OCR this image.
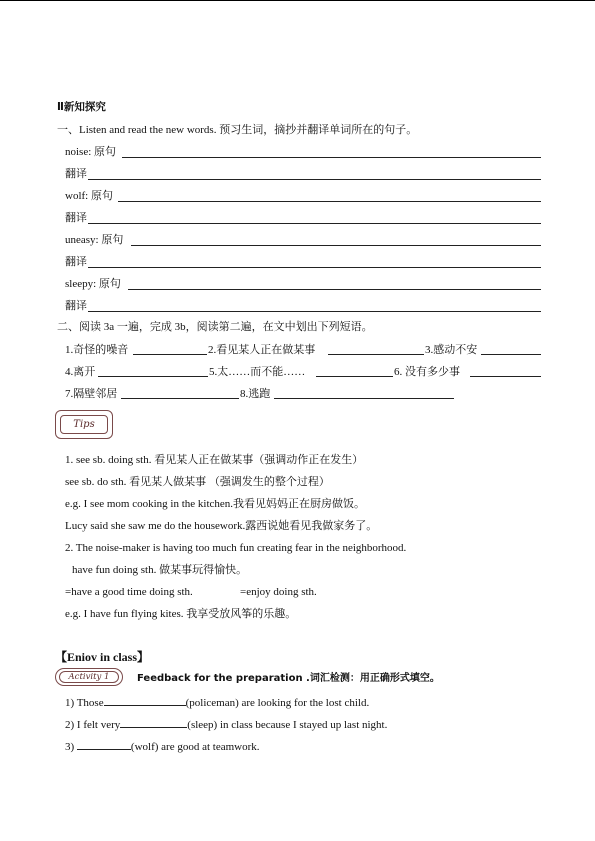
Ⅱ新知探究
一、Listen and read the new words. 预习生词，摘抄并翻译单词所在的句子。
noise: 原句
翻译
wolf: 原句
翻译
uneasy: 原句
翻译
sleepy: 原句
翻译
二、阅读 3a 一遍，完成 3b，阅读第二遍，在文中划出下列短语。
1.奇怪的噪音	2.看见某人正在做某事	3.感动不安
4.离开	5.太……而不能……	6. 没有多少事
7.隔壁邻居	8.逃跑
Tips
1. see sb. doing sth. 看见某人正在做某事（强调动作正在发生）
see sb. do sth. 看见某人做某事 （强调发生的整个过程）
e.g. I see mom cooking in the kitchen.我看见妈妈正在厨房做饭。
Lucy said she saw me do the housework.露西说她看见我做家务了。
2. The noise-maker is having too much fun creating fear in the neighborhood.
have fun doing sth. 做某事玩得愉快。
=have a good time doing sth.	=enjoy doing sth.
e.g. I have fun flying kites. 我享受放风筝的乐趣。
【Eniov in class】
Activity 1	Feedback for the preparation .词汇检测：用正确形式填空。
1) Those	(policeman) are looking for the lost child.
2) I felt very	(sleep) in class because I stayed up last night.
3)	(wolf) are good at teamwork.
